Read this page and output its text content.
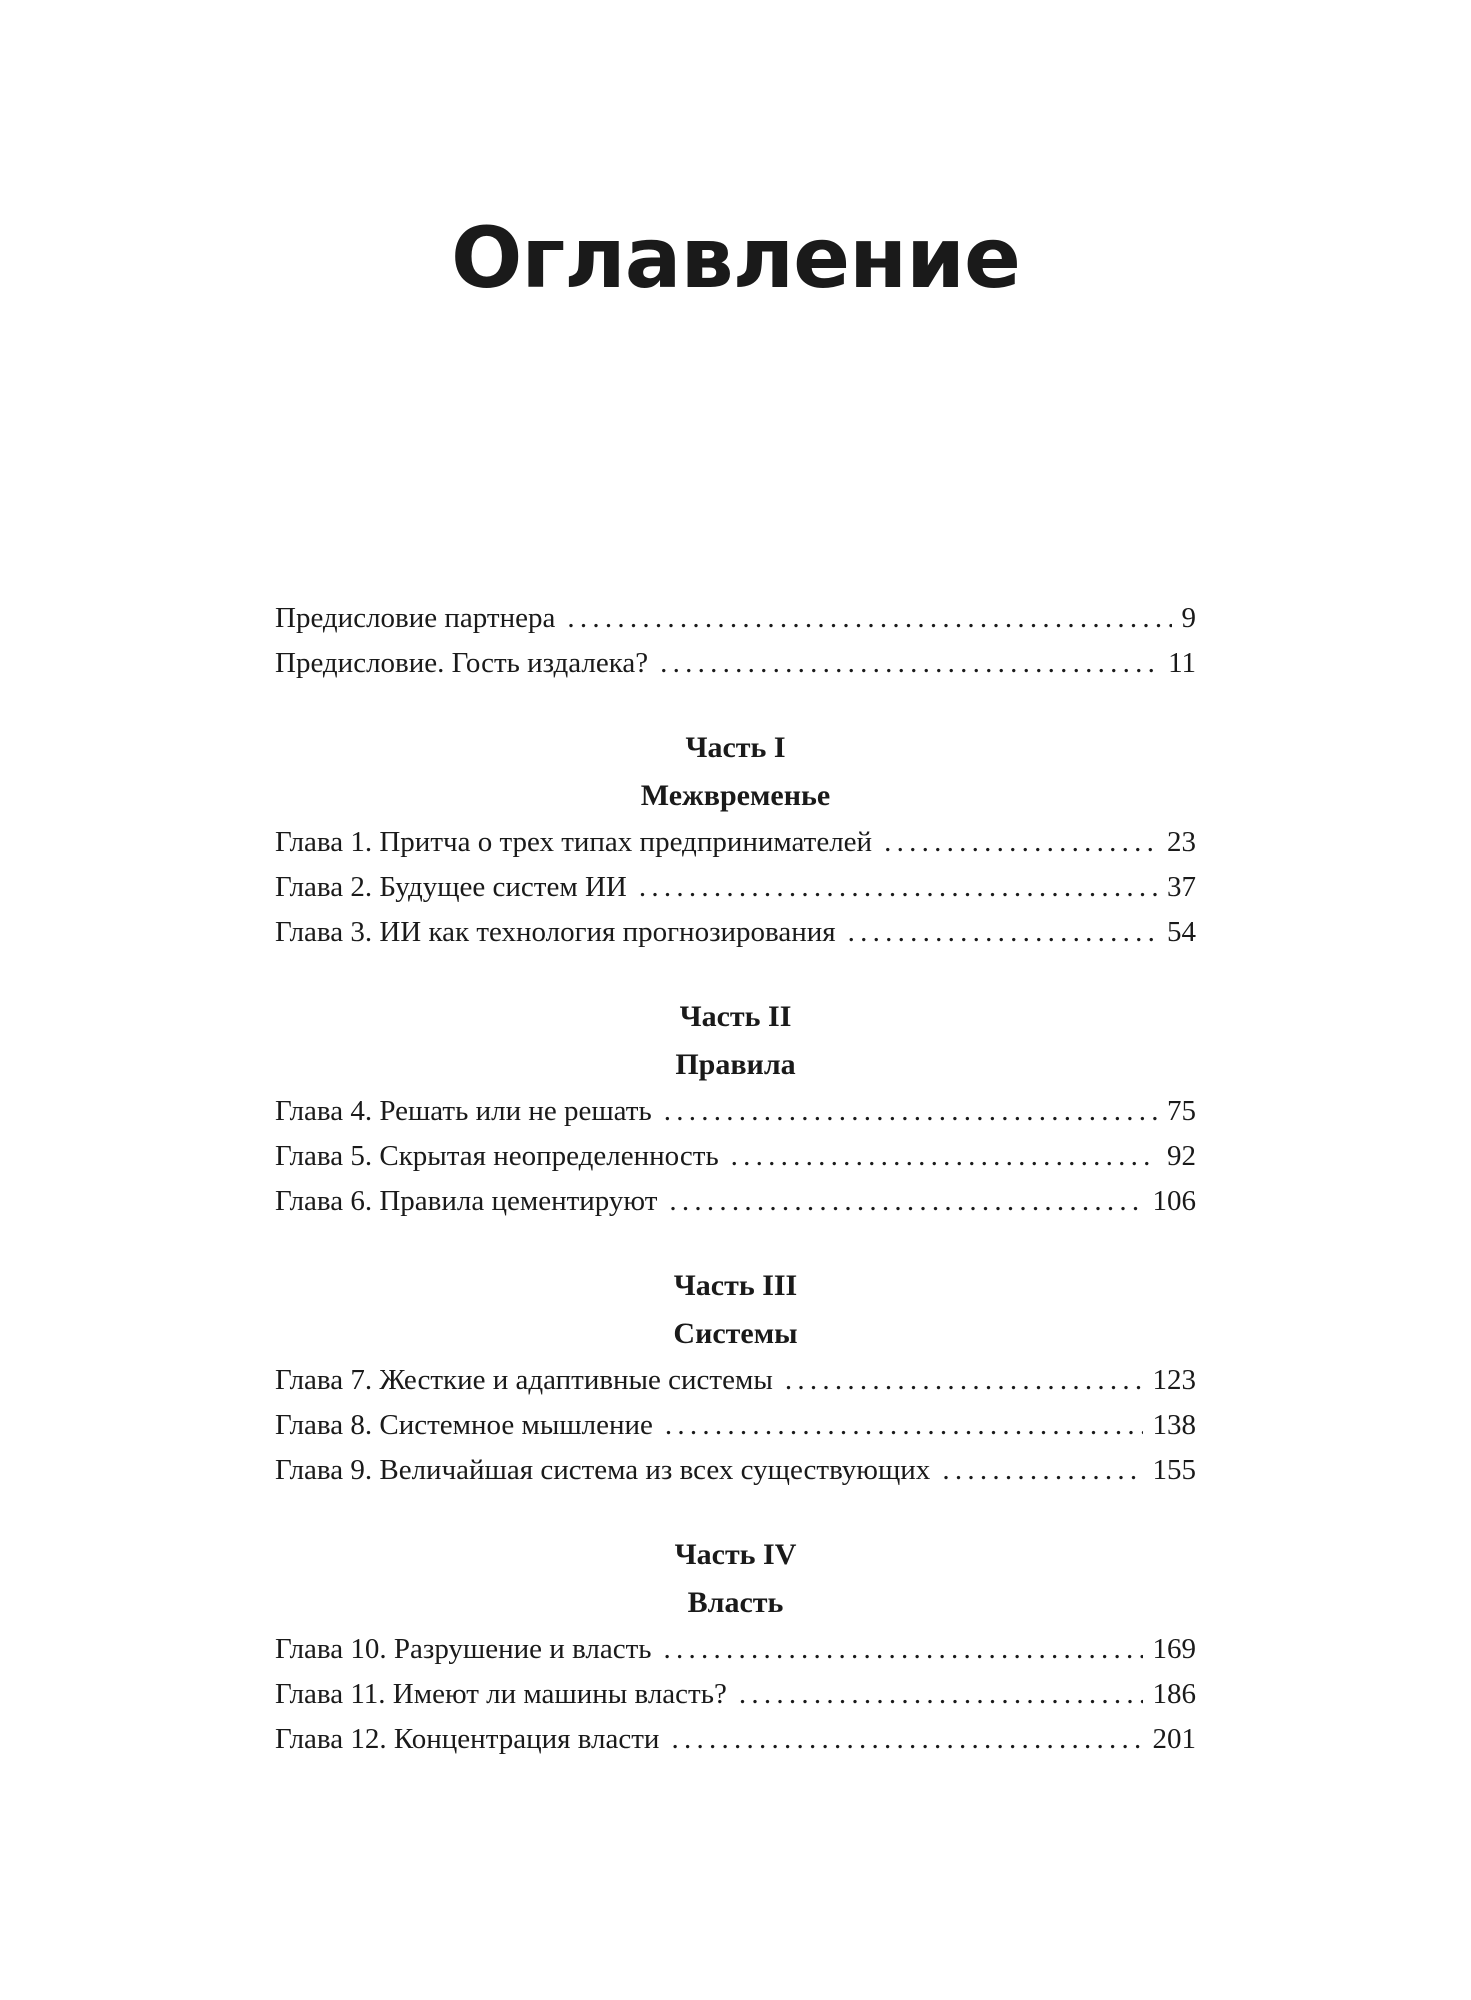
Оглавление
Предисловие партнера . . .	9
Предисловие. Гость издалека? . . .	11
Часть I
Межвременье
Глава 1. Притча о трех типах предпринимателей . . .	23
Глава 2. Будущее систем ИИ . . .	37
Глава 3. ИИ как технология прогнозирования . . .	54
Часть II
Правила
Глава 4. Решать или не решать . . .	75
Глава 5. Скрытая неопределенность . . .	92
Глава 6. Правила цементируют . . .	106
Часть III
Системы
Глава 7. Жесткие и адаптивные системы . . .	123
Глава 8. Системное мышление . . .	138
Глава 9. Величайшая система из всех существующих . . .	155
Часть IV
Власть
Глава 10. Разрушение и власть . . .	169
Глава 11. Имеют ли машины власть? . . .	186
Глава 12. Концентрация власти . . .	201
